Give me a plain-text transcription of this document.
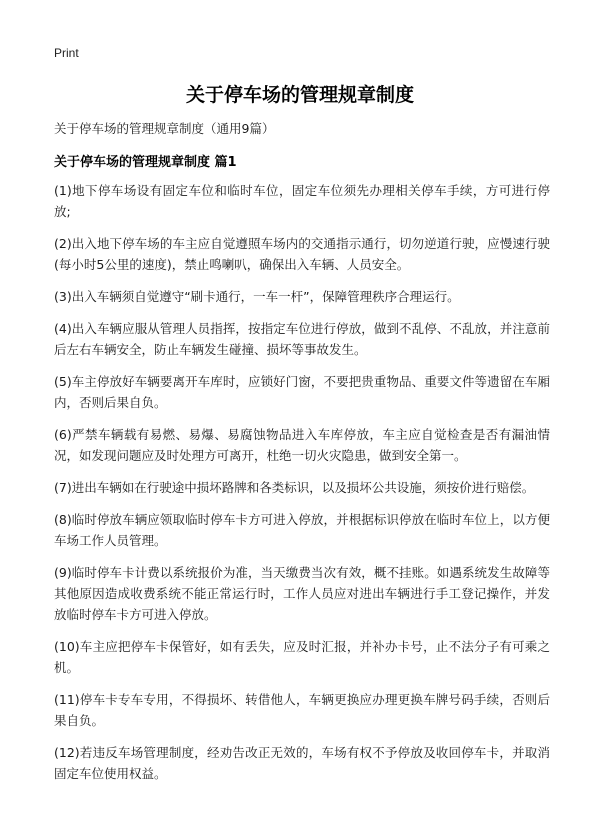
Print
关于停车场的管理规章制度
关于停车场的管理规章制度（通用9篇）
关于停车场的管理规章制度 篇1

(1)地下停车场设有固定车位和临时车位，固定车位须先办理相关停车手续，方可进行停放;

(2)出入地下停车场的车主应自觉遵照车场内的交通指示通行，切勿逆道行驶，应慢速行驶(每小时5公里的速度)，禁止鸣喇叭，确保出入车辆、人员安全。

(3)出入车辆须自觉遵守“刷卡通行，一车一杆”，保障管理秩序合理运行。

(4)出入车辆应服从管理人员指挥，按指定车位进行停放，做到不乱停、不乱放，并注意前后左右车辆安全，防止车辆发生碰撞、损坏等事故发生。

(5)车主停放好车辆要离开车库时，应锁好门窗，不要把贵重物品、重要文件等遗留在车厢内，否则后果自负。

(6)严禁车辆载有易燃、易爆、易腐蚀物品进入车库停放，车主应自觉检查是否有漏油情况，如发现问题应及时处理方可离开，杜绝一切火灾隐患，做到安全第一。

(7)进出车辆如在行驶途中损坏路牌和各类标识，以及损坏公共设施，须按价进行赔偿。

(8)临时停放车辆应领取临时停车卡方可进入停放，并根据标识停放在临时车位上，以方便车场工作人员管理。

(9)临时停车卡计费以系统报价为准，当天缴费当次有效，概不挂账。如遇系统发生故障等其他原因造成收费系统不能正常运行时，工作人员应对进出车辆进行手工登记操作，并发放临时停车卡方可进入停放。

(10)车主应把停车卡保管好，如有丢失，应及时汇报，并补办卡号，止不法分子有可乘之机。

(11)停车卡专车专用，不得损坏、转借他人，车辆更换应办理更换车牌号码手续，否则后果自负。

(12)若违反车场管理制度，经劝告改正无效的，车场有权不予停放及收回停车卡，并取消固定车位使用权益。
